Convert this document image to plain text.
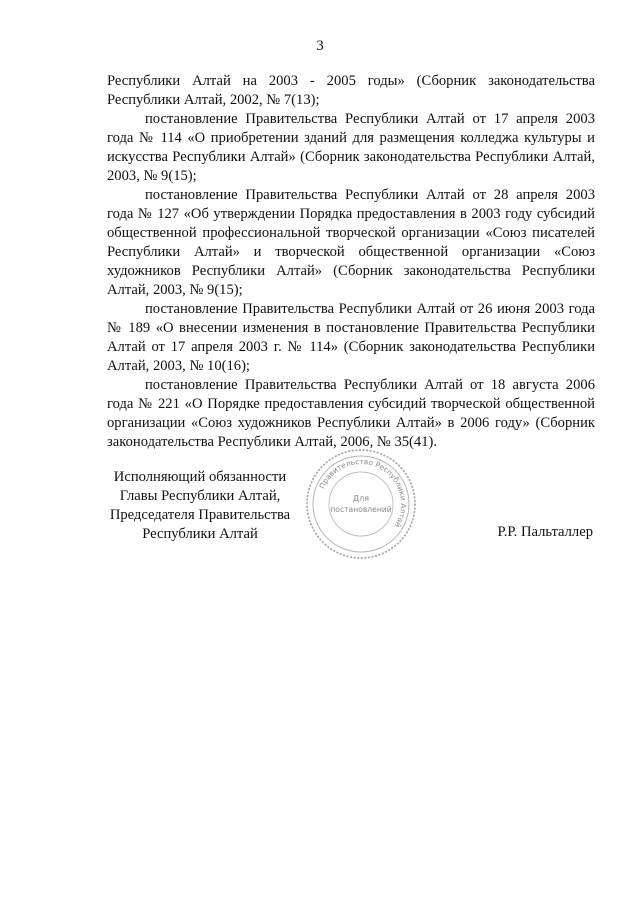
3

Республики Алтай на 2003 - 2005 годы» (Сборник законодательства Республики Алтай, 2002, № 7(13);

постановление Правительства Республики Алтай от 17 апреля 2003 года № 114 «О приобретении зданий для размещения колледжа культуры и искусства Республики Алтай» (Сборник законодательства Республики Алтай, 2003, № 9(15);

постановление Правительства Республики Алтай от 28 апреля 2003 года № 127 «Об утверждении Порядка предоставления в 2003 году субсидий общественной профессиональной творческой организации «Союз писателей Республики Алтай» и творческой общественной организации «Союз художников Республики Алтай» (Сборник законодательства Республики Алтай, 2003, № 9(15);

постановление Правительства Республики Алтай от 26 июня 2003 года № 189 «О внесении изменения в постановление Правительства Республики Алтай от 17 апреля 2003 г. № 114» (Сборник законодательства Республики Алтай, 2003, № 10(16);

постановление Правительства Республики Алтай от 18 августа 2006 года № 221 «О Порядке предоставления субсидий творческой общественной организации «Союз художников Республики Алтай» в 2006 году» (Сборник законодательства Республики Алтай, 2006, № 35(41).

Исполняющий обязанности
Главы Республики Алтай,
Председателя Правительства
Республики Алтай
Правительство Республики Алтай
Для
постановлений
Р.Р. Пальталлер
